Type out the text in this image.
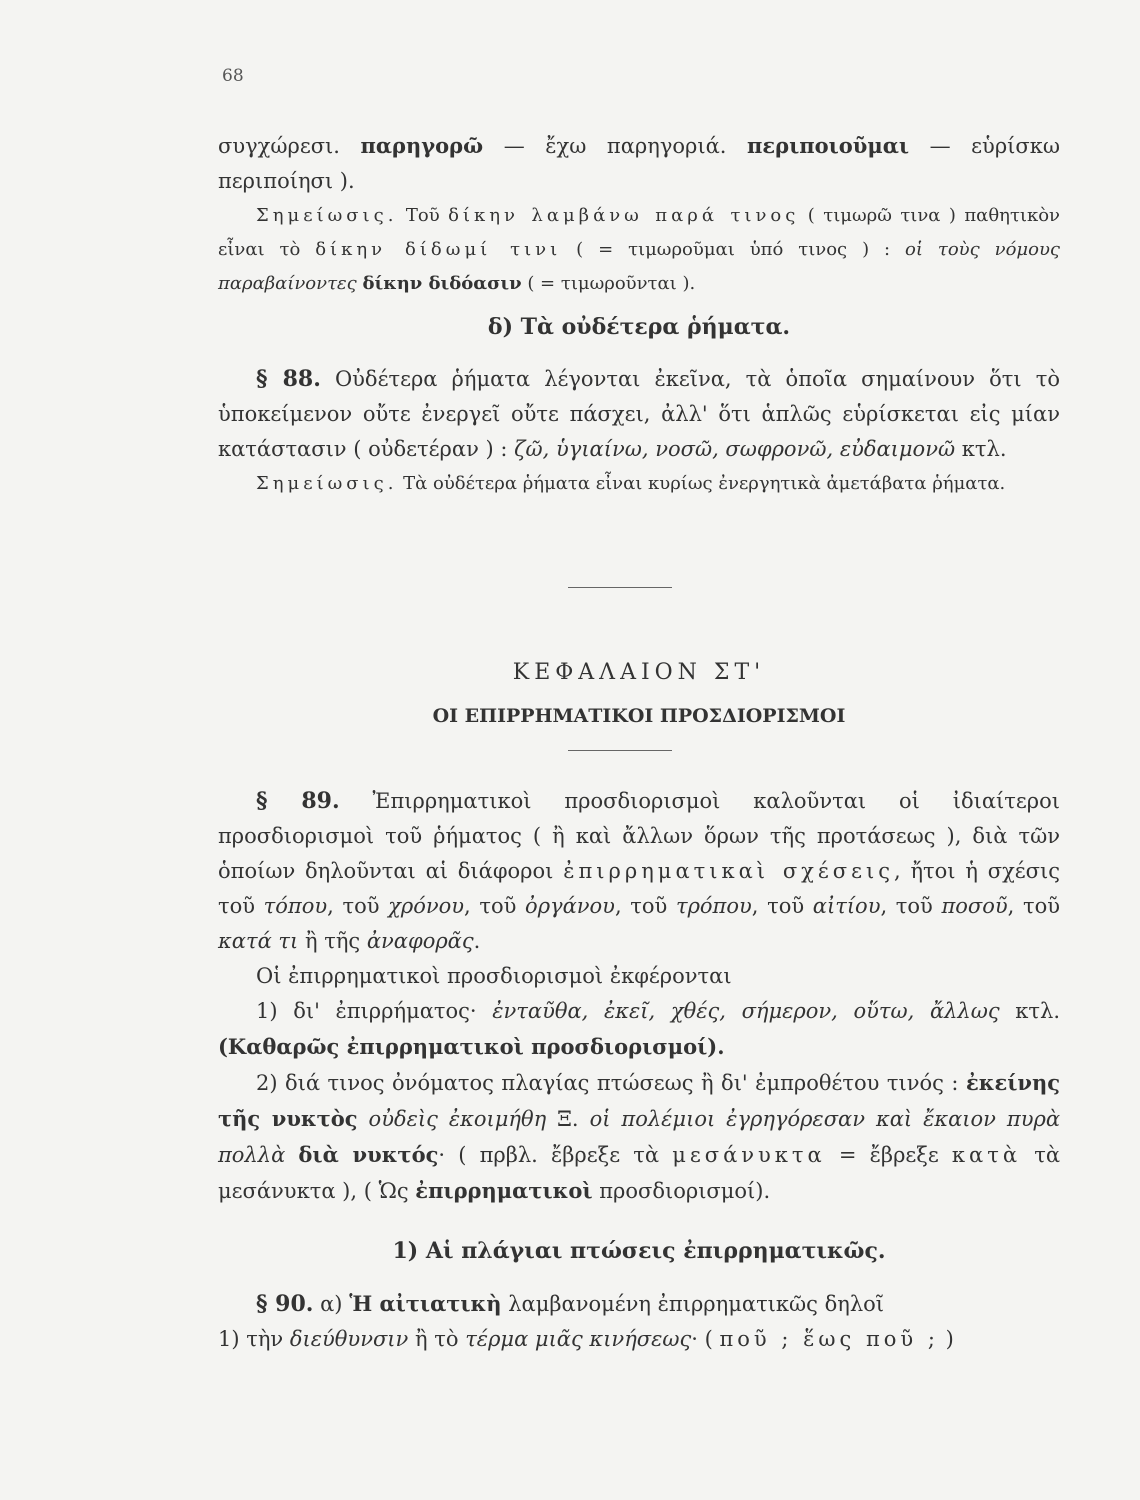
68

συγχώρεσι. παρηγορῶ — ἔχω παρηγοριά. περιποιοῦμαι — εὑρίσκω περιποίησι ).

Σημείωσις. Τοῦ δίκην λαμβάνω παρά τινος ( τιμωρῶ τινα ) παθητικὸν εἶναι τὸ δίκην δίδωμί τινι ( = τιμωροῦμαι ὑπό τινος ) : οἱ τοὺς νόμους παραβαίνοντες δίκην διδόασιν ( = τιμωροῦνται ).

δ) Τὰ οὐδέτερα ῥήματα.

§ 88. Οὐδέτερα ῥήματα λέγονται ἐκεῖνα, τὰ ὁποῖα σημαίνουν ὅτι τὸ ὑποκείμενον οὔτε ἐνεργεῖ οὔτε πάσχει, ἀλλ' ὅτι ἁπλῶς εὑρίσκεται εἰς μίαν κατάστασιν ( οὐδετέραν ) : ζῶ, ὑγιαίνω, νοσῶ, σωφρονῶ, εὐδαιμονῶ κτλ.

Σημείωσις. Τὰ οὐδέτερα ῥήματα εἶναι κυρίως ἐνεργητικὰ ἀμετάβατα ῥήματα.

ΚΕΦΑΛΑΙΟΝ ΣΤ'
ΟΙ ΕΠΙΡΡΗΜΑΤΙΚΟΙ ΠΡΟΣΔΙΟΡΙΣΜΟΙ

§ 89. Ἐπιρρηματικοὶ προσδιορισμοὶ καλοῦνται οἱ ἰδιαίτεροι προσδιορισμοὶ τοῦ ῥήματος ( ἢ καὶ ἄλλων ὅρων τῆς προτάσεως ), διὰ τῶν ὁποίων δηλοῦνται αἱ διάφοροι ἐπιρρηματικαὶ σχέσεις, ἤτοι ἡ σχέσις τοῦ τόπου, τοῦ χρόνου, τοῦ ὀργάνου, τοῦ τρόπου, τοῦ αἰτίου, τοῦ ποσοῦ, τοῦ κατά τι ἢ τῆς ἀναφορᾶς.

Οἱ ἐπιρρηματικοὶ προσδιορισμοὶ ἐκφέρονται

1) δι' ἐπιρρήματος· ἐνταῦθα, ἐκεῖ, χθές, σήμερον, οὕτω, ἄλλως κτλ. (Καθαρῶς ἐπιρρηματικοὶ προσδιορισμοί).

2) διά τινος ὀνόματος πλαγίας πτώσεως ἢ δι' ἐμπροθέτου τινός : ἐκείνης τῆς νυκτὸς οὐδεὶς ἐκοιμήθη Ξ. οἱ πολέμιοι ἐγρηγόρεσαν καὶ ἔκαιον πυρὰ πολλὰ διὰ νυκτός· ( πρβλ. ἔβρεξε τὰ μεσάνυκτα = ἔβρεξε κατὰ τὰ μεσάνυκτα ), ( Ὡς ἐπιρρηματικοὶ προσδιορισμοί).

1) Αἱ πλάγιαι πτώσεις ἐπιρρηματικῶς.

§ 90. α) Ἡ αἰτιατικὴ λαμβανομένη ἐπιρρηματικῶς δηλοῖ

1) τὴν διεύθυνσιν ἢ τὸ τέρμα μιᾶς κινήσεως· ( ποῦ ; ἕως ποῦ ; )
